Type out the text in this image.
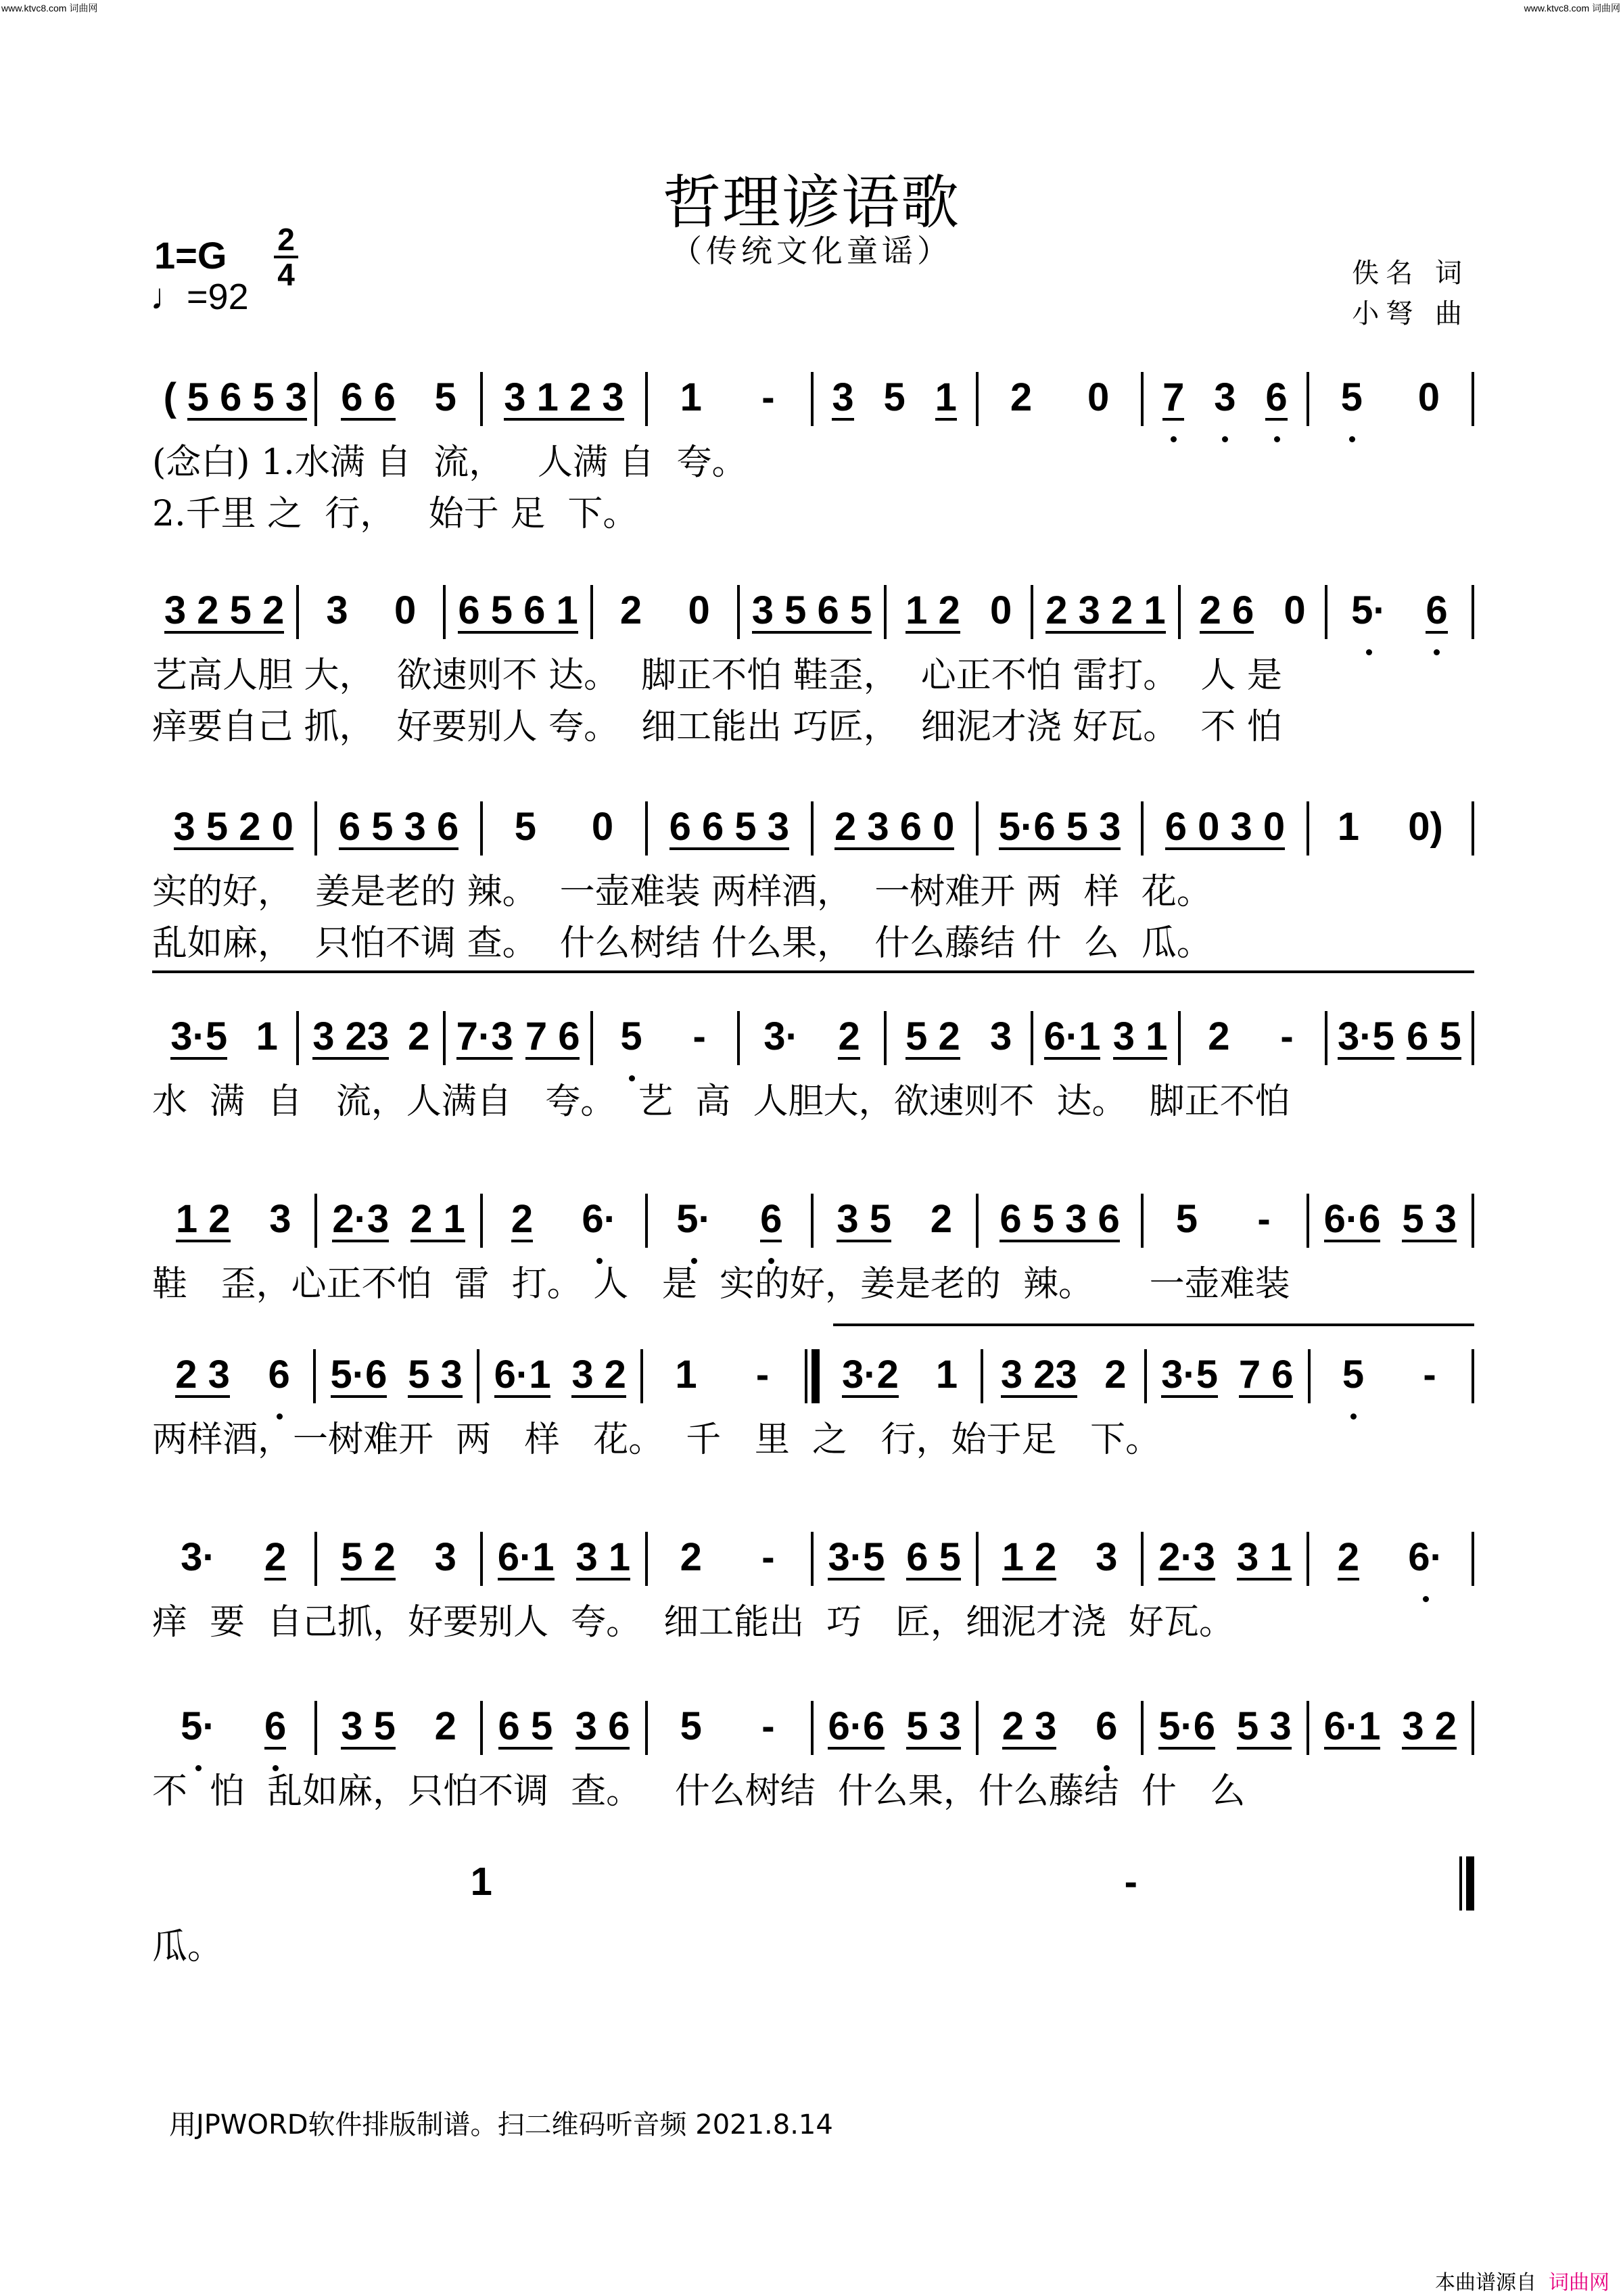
www.ktvc8.com 词曲网	www.ktvc8.com 词曲网
哲理谚语歌
（传统文化童谣）
1=G 2
4
♩=92
佚名 词
小弩 曲
( 5 6 5 3 6 6 5 3 1 2 3 1 - 3 5 1 2 0 7 3 6 5 0
(念白) 1.水满 自  流，   人满 自  夸。
2.千里 之  行，   始于 足  下。
3 2 5 2 3 0 6 5 6 1 2 0 3 5 6 5 1 2 0 2 3 2 1 2 6 0 5· 6
艺高人胆 大，  欲速则不 达。  脚正不怕 鞋歪，  心正不怕 雷打。  人 是
痒要自己 抓，  好要别人 夸。  细工能出 巧匠，  细泥才浇 好瓦。  不 怕
3 5 2 0 6 5 3 6 5 0 6 6 5 3 2 3 6 0 5·6 5 3 6 0 3 0 1 0)
实的好，  姜是老的 辣。  一壶难装 两样酒，  一树难开 两  样  花。
乱如麻，  只怕不调 查。  什么树结 什么果，  什么藤结 什  么  瓜。
3·5 1 3 23 2 7·3 7 6 5 - 3· 2 5 2 3 6·1 3 1 2 - 3·5 6 5
水  满  自   流，人满自   夸。  艺  高  人胆大，欲速则不  达。  脚正不怕
1 2 3 2·3 2 1 2 6· 5· 6 3 5 2 6 5 3 6 5 - 6·6 5 3
鞋   歪，心正不怕  雷  打。 人   是  实的好，姜是老的  辣。     一壶难装
2 3 6 5·6 5 3 6·1 3 2 1 - 3·2 1 3 23 2 3·5 7 6 5 -
两样酒，一树难开  两   样   花。  千   里  之   行，始于足   下。
3· 2 5 2 3 6·1 3 1 2 - 3·5 6 5 1 2 3 2·3 3 1 2 6·
痒  要  自己抓，好要别人  夸。  细工能出  巧   匠，细泥才浇  好瓦。
5· 6 3 5 2 6 5 3 6 5 - 6·6 5 3 2 3 6 5·6 5 3 6·1 3 2
不  怕  乱如麻，只怕不调  查。   什么树结  什么果，什么藤结  什   么
1	-
瓜。
用JPWORD软件排版制谱。扫二维码听音频 2021.8.14
本曲谱源自 词曲网
